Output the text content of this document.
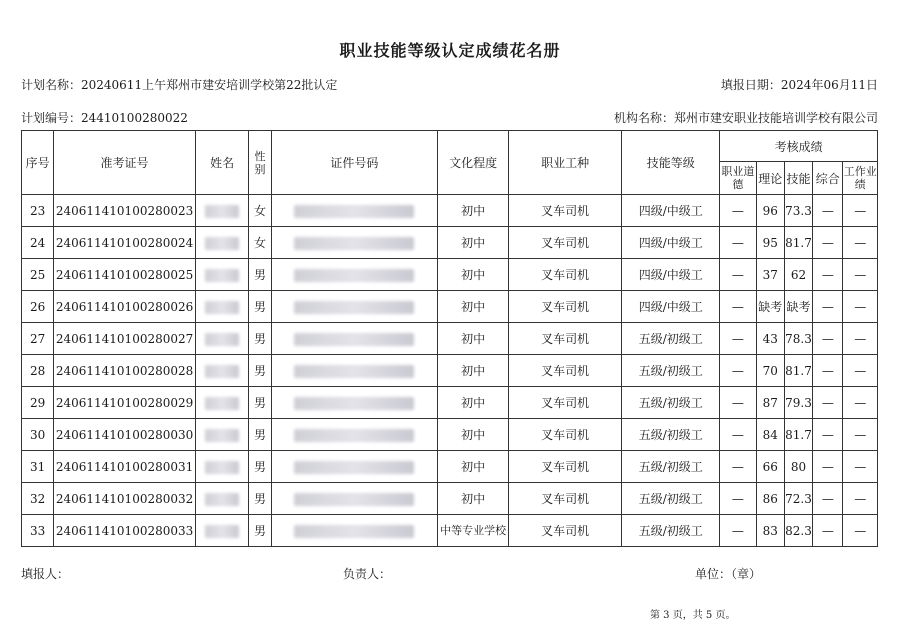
职业技能等级认定成绩花名册
计划名称：20240611上午郑州市建安培训学校第22批认定	填报日期：2024年06月11日
计划编号：24410100280022	机构名称：郑州市建安职业技能培训学校有限公司
序号	准考证号	姓名	性别	证件号码	文化程度	职业工种	技能等级	考核成绩				
								职业道德	理论	技能	综合	工作业绩
23	240611410100280023		女		初中	叉车司机	四级/中级工	—	96	73.3	—	—
24	240611410100280024		女		初中	叉车司机	四级/中级工	—	95	81.7	—	—
25	240611410100280025		男		初中	叉车司机	四级/中级工	—	37	62	—	—
26	240611410100280026		男		初中	叉车司机	四级/中级工	—	缺考	缺考	—	—
27	240611410100280027		男		初中	叉车司机	五级/初级工	—	43	78.3	—	—
28	240611410100280028		男		初中	叉车司机	五级/初级工	—	70	81.7	—	—
29	240611410100280029		男		初中	叉车司机	五级/初级工	—	87	79.3	—	—
30	240611410100280030		男		初中	叉车司机	五级/初级工	—	84	81.7	—	—
31	240611410100280031		男		初中	叉车司机	五级/初级工	—	66	80	—	—
32	240611410100280032		男		初中	叉车司机	五级/初级工	—	86	72.3	—	—
33	240611410100280033		男		中等专业学校	叉车司机	五级/初级工	—	83	82.3	—	—
填报人：	负责人：	单位：（章）
第 3 页，共 5 页。
